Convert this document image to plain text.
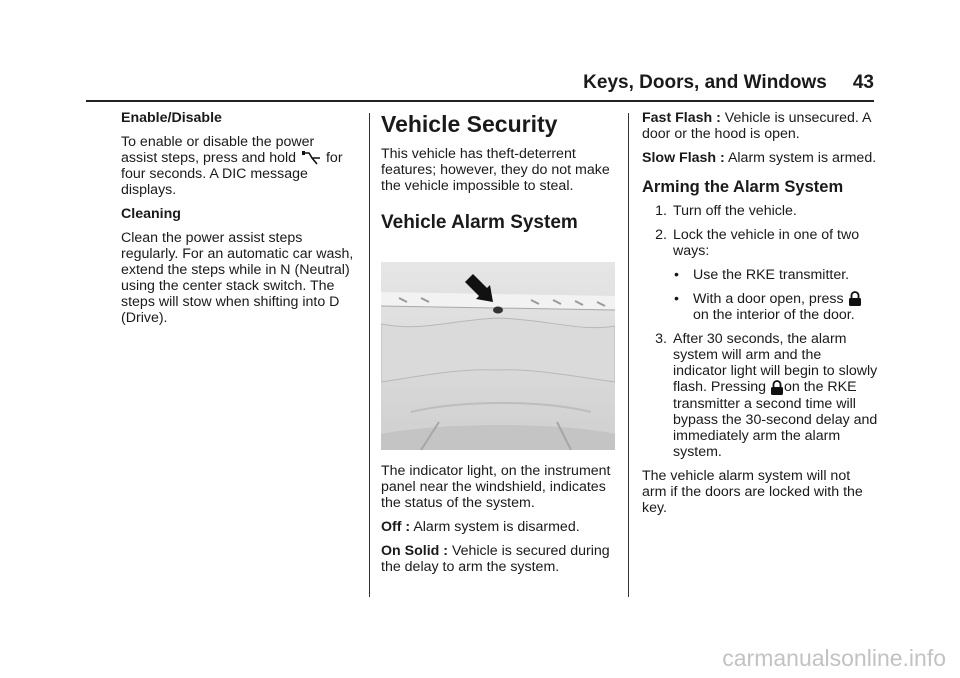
Keys, Doors, and Windows 43

Enable/Disable

To enable or disable the power
assist steps, press and hold for
four seconds. A DIC message displays.

Cleaning

Clean the power assist steps regularly. For an automatic car wash, extend the steps while in N (Neutral) using the center stack switch. The steps will stow when shifting into D (Drive).

Vehicle Security

This vehicle has theft-deterrent features; however, they do not make the vehicle impossible to steal.

Vehicle Alarm System

The indicator light, on the instrument panel near the windshield, indicates the status of the system.

Off : Alarm system is disarmed.

On Solid : Vehicle is secured during the delay to arm the system.

Fast Flash : Vehicle is unsecured. A door or the hood is open.

Slow Flash : Alarm system is armed.

Arming the Alarm System
1. Turn off the vehicle.
2. Lock the vehicle in one of two ways:
• Use the RKE transmitter.
• With a door open, press
on the interior of the door.
3. After 30 seconds, the alarm system will arm and the indicator light will begin to slowly flash. Pressing on the RKE transmitter a second time will bypass the 30-second delay and immediately arm the alarm system.

The vehicle alarm system will not arm if the doors are locked with the key.

carmanualsonline.info
